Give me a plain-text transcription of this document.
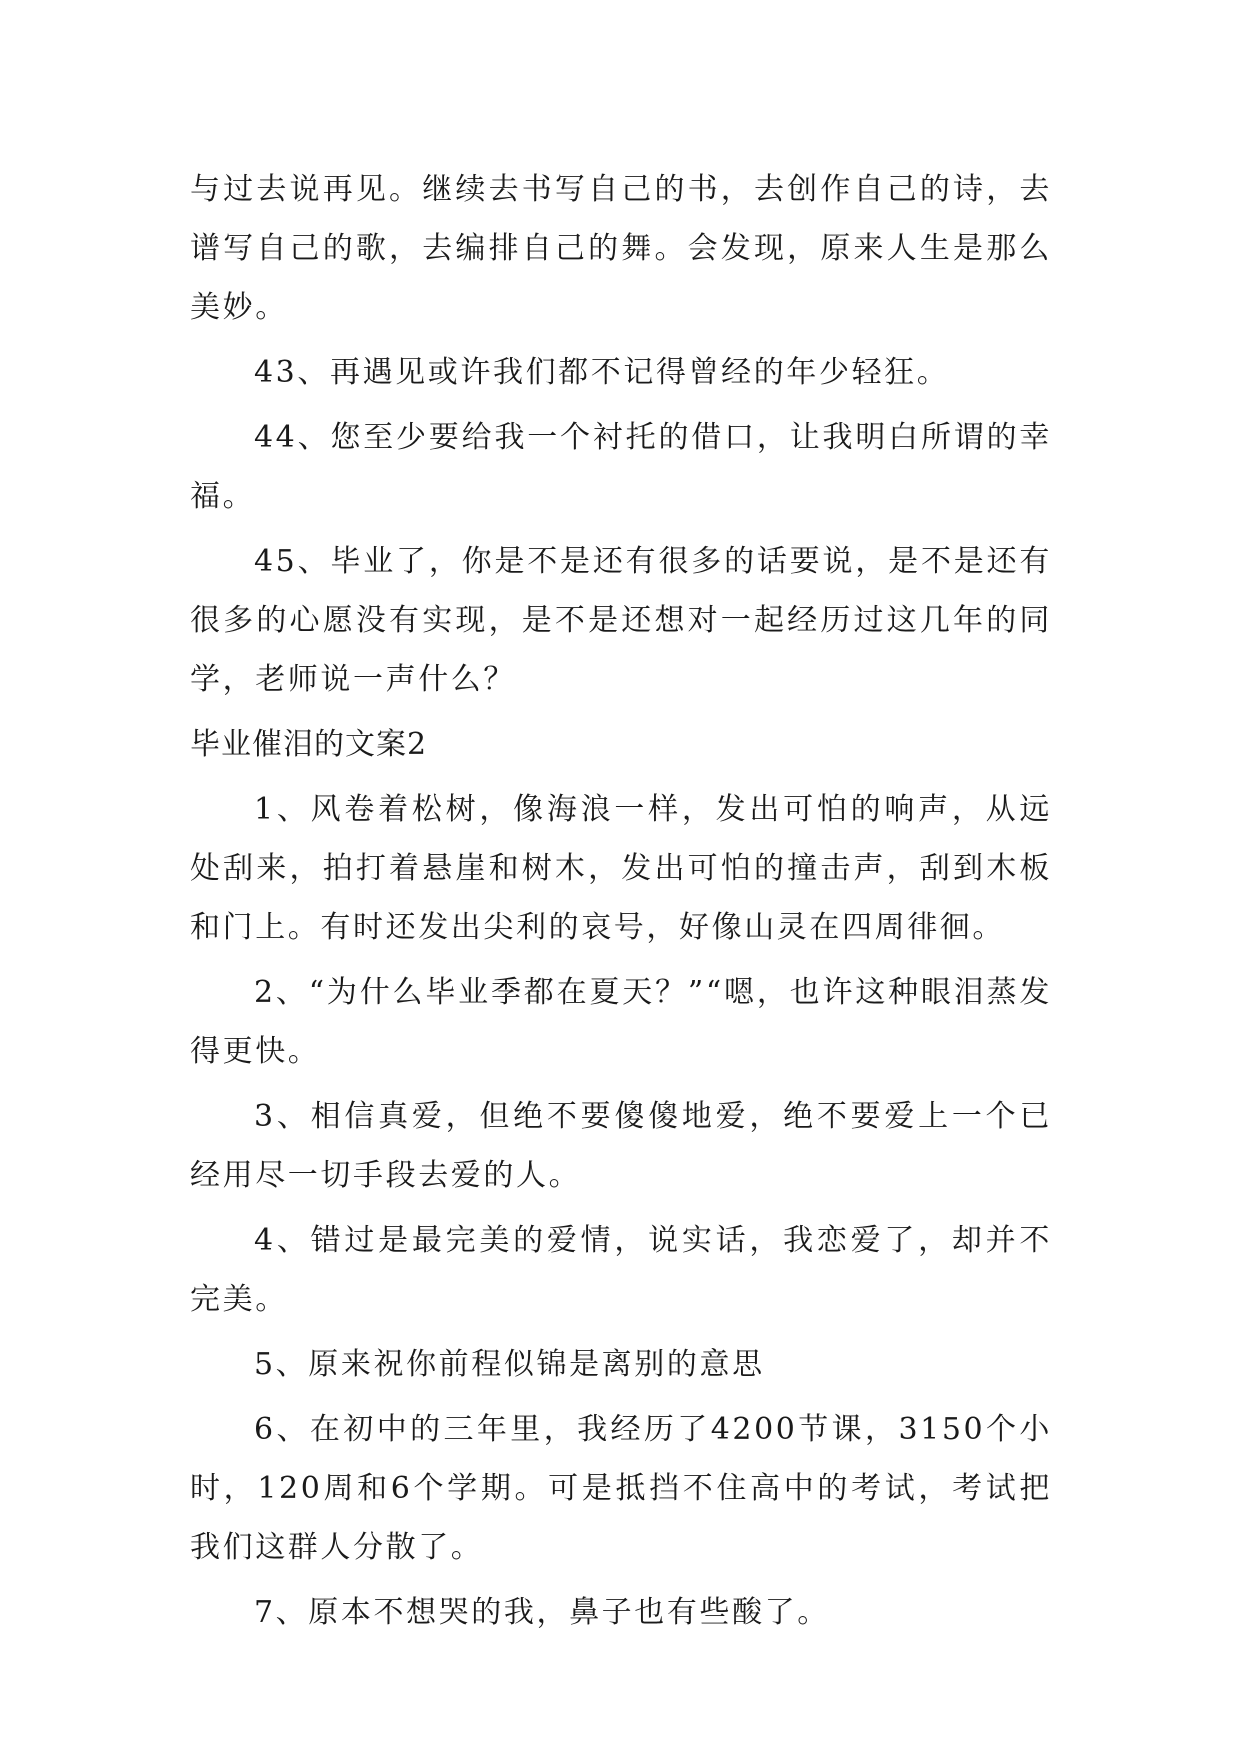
与过去说再见。继续去书写自己的书，去创作自己的诗，去谱写自己的歌，去编排自己的舞。会发现，原来人生是那么美妙。

43、再遇见或许我们都不记得曾经的年少轻狂。

44、您至少要给我一个衬托的借口，让我明白所谓的幸福。

45、毕业了，你是不是还有很多的话要说，是不是还有很多的心愿没有实现，是不是还想对一起经历过这几年的同学，老师说一声什么？

毕业催泪的文案2

1、风卷着松树，像海浪一样，发出可怕的响声，从远处刮来，拍打着悬崖和树木，发出可怕的撞击声，刮到木板和门上。有时还发出尖利的哀号，好像山灵在四周徘徊。

2、“为什么毕业季都在夏天？”“嗯，也许这种眼泪蒸发得更快。

3、相信真爱，但绝不要傻傻地爱，绝不要爱上一个已经用尽一切手段去爱的人。

4、错过是最完美的爱情，说实话，我恋爱了，却并不完美。

5、原来祝你前程似锦是离别的意思

6、在初中的三年里，我经历了4200节课，3150个小时，120周和6个学期。可是抵挡不住高中的考试，考试把我们这群人分散了。

7、原本不想哭的我，鼻子也有些酸了。
